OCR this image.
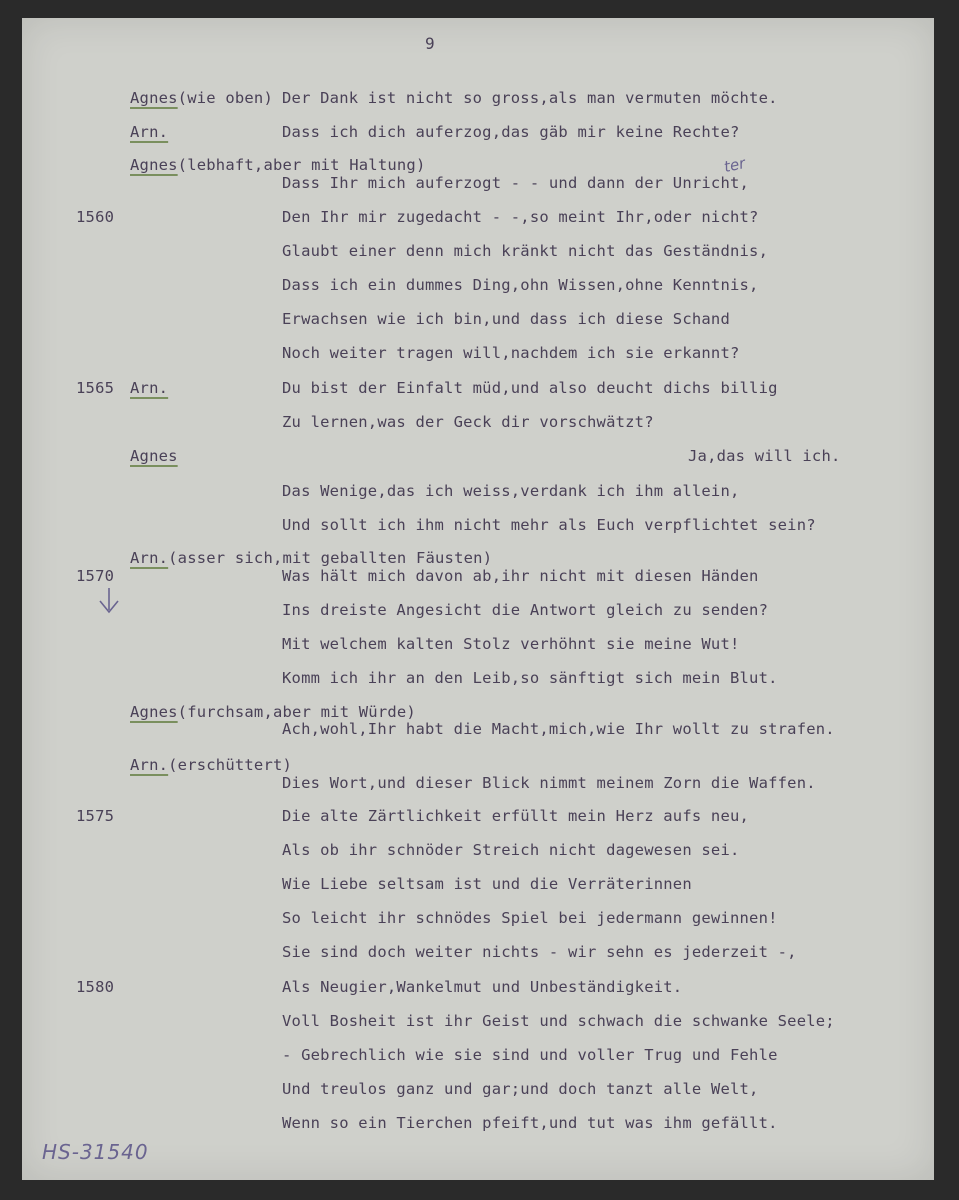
9
Agnes(wie oben) Der Dank ist nicht so gross,als man vermuten möchte.
Arn.	Dass ich dich auferzog,das gäb mir keine Rechte?
Agnes(lebhaft,aber mit Haltung)
Dass Ihr mich auferzogt - - und dann der Unricht,
ter
1560	Den Ihr mir zugedacht - -,so meint Ihr,oder nicht?
Glaubt einer denn mich kränkt nicht das Geständnis,
Dass ich ein dummes Ding,ohn Wissen,ohne Kenntnis,
Erwachsen wie ich bin,und dass ich diese Schand
Noch weiter tragen will,nachdem ich sie erkannt?
1565 Arn.	Du bist der Einfalt müd,und also deucht dichs billig
Zu lernen,was der Geck dir vorschwätzt?
Agnes	Ja,das will ich.
Das Wenige,das ich weiss,verdank ich ihm allein,
Und sollt ich ihm nicht mehr als Euch verpflichtet sein?
Arn.(asser sich,mit geballten Fäusten)
1570	Was hält mich davon ab,ihr nicht mit diesen Händen
Ins dreiste Angesicht die Antwort gleich zu senden?
Mit welchem kalten Stolz verhöhnt sie meine Wut!
Komm ich ihr an den Leib,so sänftigt sich mein Blut.
Agnes(furchsam,aber mit Würde)
Ach,wohl,Ihr habt die Macht,mich,wie Ihr wollt zu strafen.
Arn.(erschüttert)
Dies Wort,und dieser Blick nimmt meinem Zorn die Waffen.
1575	Die alte Zärtlichkeit erfüllt mein Herz aufs neu,
Als ob ihr schnöder Streich nicht dagewesen sei.
Wie Liebe seltsam ist und die Verräterinnen
So leicht ihr schnödes Spiel bei jedermann gewinnen!
Sie sind doch weiter nichts - wir sehn es jederzeit -,
1580	Als Neugier,Wankelmut und Unbeständigkeit.
Voll Bosheit ist ihr Geist und schwach die schwanke Seele;
- Gebrechlich wie sie sind und voller Trug und Fehle
Und treulos ganz und gar;und doch tanzt alle Welt,
Wenn so ein Tierchen pfeift,und tut was ihm gefällt.
HS-31540
